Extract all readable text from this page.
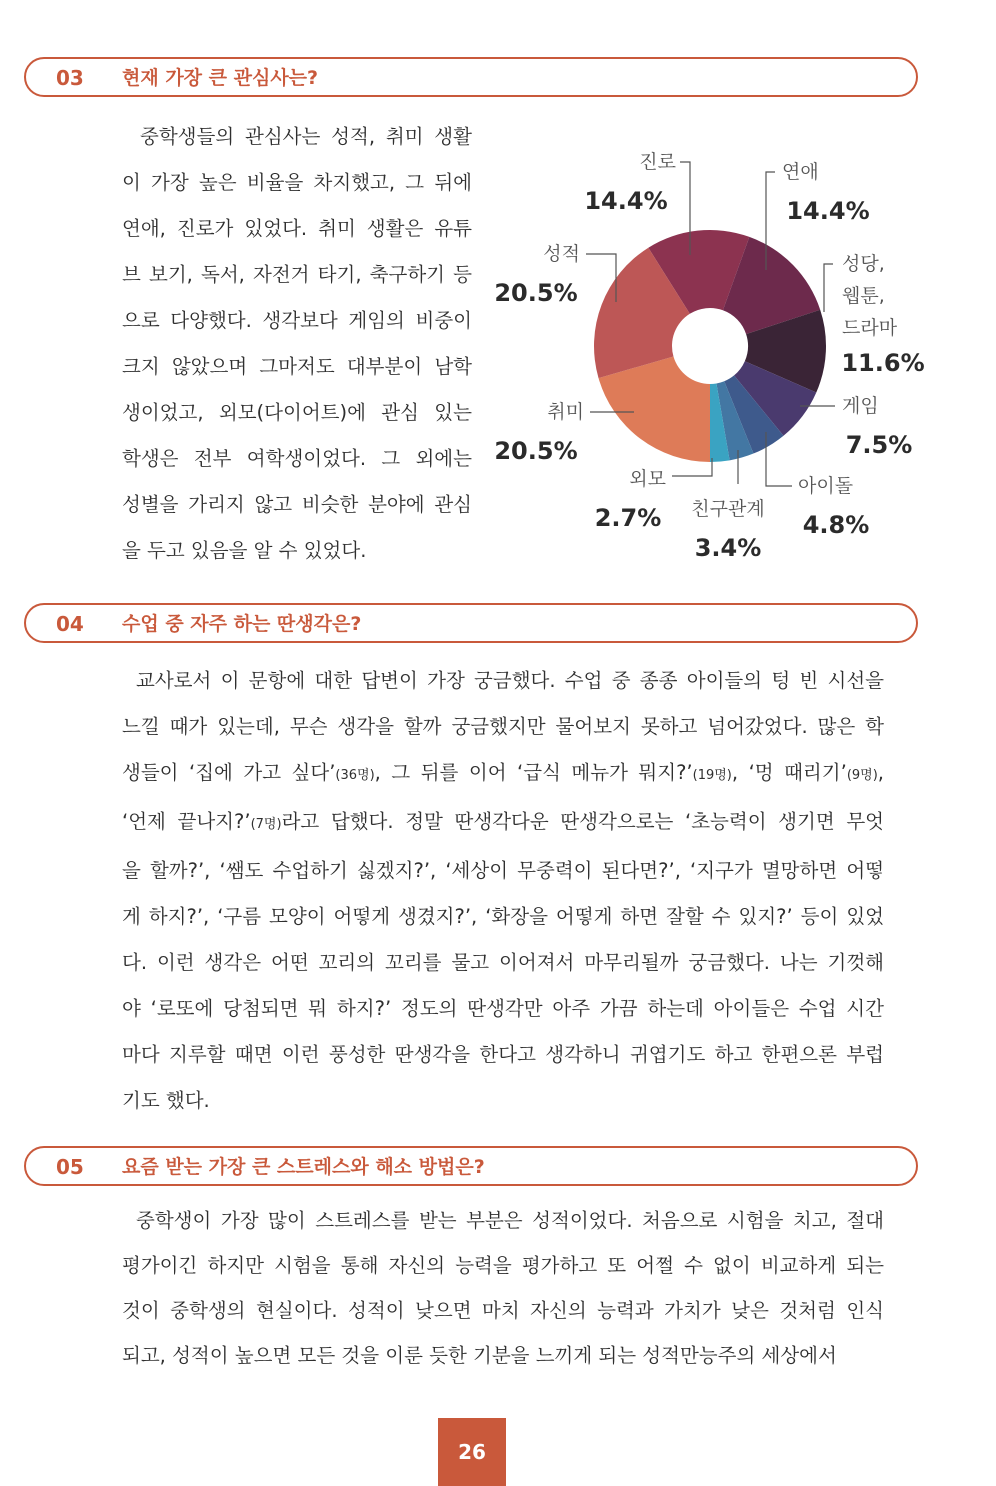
03 현재 가장 큰 관심사는?
중학생들의 관심사는 성적, 취미 생활
이 가장 높은 비율을 차지했고, 그 뒤에
연애, 진로가 있었다. 취미 생활은 유튜
브 보기, 독서, 자전거 타기, 축구하기 등
으로 다양했다. 생각보다 게임의 비중이
크지 않았으며 그마저도 대부분이 남학
생이었고, 외모(다이어트)에 관심 있는
학생은 전부 여학생이었다. 그 외에는
성별을 가리지 않고 비슷한 분야에 관심
을 두고 있음을 알 수 있었다.
진로
14.4%
연애
14.4%
성당,
웹툰,
드라마
11.6%
게임
7.5%
아이돌
4.8%
친구관계
3.4%
외모
2.7%
취미
20.5%
성적
20.5%
04 수업 중 자주 하는 딴생각은?
교사로서 이 문항에 대한 답변이 가장 궁금했다. 수업 중 종종 아이들의 텅 빈 시선을
느낄 때가 있는데, 무슨 생각을 할까 궁금했지만 물어보지 못하고 넘어갔었다. 많은 학
생들이 ‘집에 가고 싶다’(36명), 그 뒤를 이어 ‘급식 메뉴가 뭐지?’(19명), ‘멍 때리기’(9명),
‘언제 끝나지?’(7명)라고 답했다. 정말 딴생각다운 딴생각으로는 ‘초능력이 생기면 무엇
을 할까?’, ‘쌤도 수업하기 싫겠지?’, ‘세상이 무중력이 된다면?’, ‘지구가 멸망하면 어떻
게 하지?’, ‘구름 모양이 어떻게 생겼지?’, ‘화장을 어떻게 하면 잘할 수 있지?’ 등이 있었
다. 이런 생각은 어떤 꼬리의 꼬리를 물고 이어져서 마무리될까 궁금했다. 나는 기껏해
야 ‘로또에 당첨되면 뭐 하지?’ 정도의 딴생각만 아주 가끔 하는데 아이들은 수업 시간
마다 지루할 때면 이런 풍성한 딴생각을 한다고 생각하니 귀엽기도 하고 한편으론 부럽
기도 했다.
05 요즘 받는 가장 큰 스트레스와 해소 방법은?
중학생이 가장 많이 스트레스를 받는 부분은 성적이었다. 처음으로 시험을 치고, 절대
평가이긴 하지만 시험을 통해 자신의 능력을 평가하고 또 어쩔 수 없이 비교하게 되는
것이 중학생의 현실이다. 성적이 낮으면 마치 자신의 능력과 가치가 낮은 것처럼 인식
되고, 성적이 높으면 모든 것을 이룬 듯한 기분을 느끼게 되는 성적만능주의 세상에서
26
